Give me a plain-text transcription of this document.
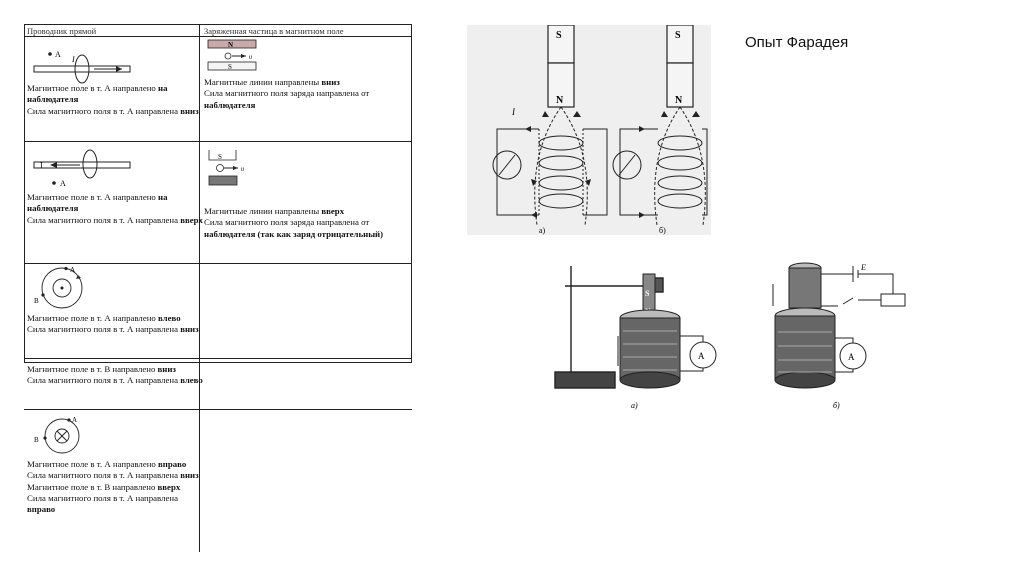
Проводник прямой	Заряженная частица в магнитном поле
A
I

Магнитное поле в т. А направлено на наблюдателя

Сила магнитного поля в т. А направлена вниз

N
υ
S

Магнитные линии направлены вниз

Сила магнитного поля заряда направлена от наблюдателя

I
A

Магнитное поле в т. А направлено на наблюдателя

Сила магнитного поля в т. А направлена вверх

S
υ

Магнитные линии направлены вверх

Сила магнитного поля заряда направлена от наблюдателя (так как заряд отрицательный)

A
B

Магнитное поле в т. А направлено влево

Сила магнитного поля в т. А направлена вниз

Магнитное поле в т. В направлено вниз

Сила магнитного поля в т. А направлена влево

A
B

Магнитное поле в т. А направлено вправо

Сила магнитного поля в т. А направлена вниз

Магнитное поле в т. В направлено вверх

Сила магнитного поля в т. А направлена вправо

S
N
I
а)
S
N
б)
S
A
а)
E
A
б)
Опыт Фарадея
